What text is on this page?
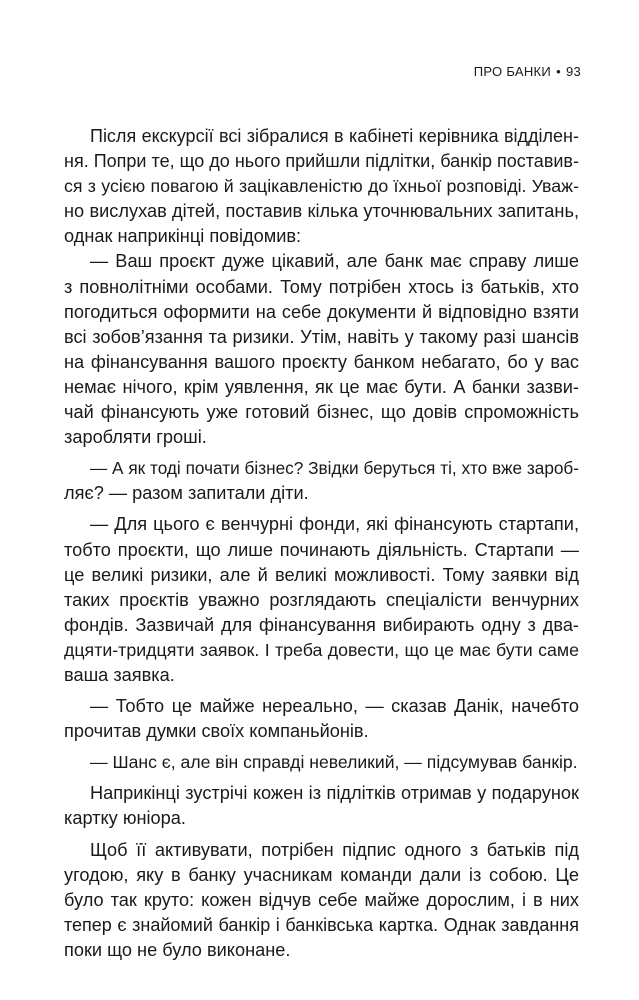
ПРО БАНКИ • 93
Після екскурсії всі зібралися в кабінеті керівника відділен-
ня. Попри те, що до нього прийшли підлітки, банкір поставив-
ся з усією повагою й зацікавленістю до їхньої розповіді. Уваж-
но вислухав дітей, поставив кілька уточнювальних запитань,
однак наприкінці повідомив:
— Ваш проєкт дуже цікавий, але банк має справу лише
з повнолітніми особами. Тому потрібен хтось із батьків, хто
погодиться оформити на себе документи й відповідно взяти
всі зобов’язання та ризики. Утім, навіть у такому разі шансів
на фінансування вашого проєкту банком небагато, бо у вас
немає нічого, крім уявлення, як це має бути. А банки зазви-
чай фінансують уже готовий бізнес, що довів спроможність
заробляти гроші.
— А як тоді почати бізнес? Звідки беруться ті, хто вже зароб-
ляє? — разом запитали діти.
— Для цього є венчурні фонди, які фінансують стартапи,
тобто проєкти, що лише починають діяльність. Стартапи —
це великі ризики, але й великі можливості. Тому заявки від
таких проєктів уважно розглядають спеціалісти венчурних
фондів. Зазвичай для фінансування вибирають одну з два-
дцяти-тридцяти заявок. І треба довести, що це має бути саме
ваша заявка.
— Тобто це майже нереально, — сказав Данік, начебто
прочитав думки своїх компаньйонів.
— Шанс є, але він справді невеликий, — підсумував банкір.
Наприкінці зустрічі кожен із підлітків отримав у подарунок
картку юніора.
Щоб її активувати, потрібен підпис одного з батьків під
угодою, яку в банку учасникам команди дали із собою. Це
було так круто: кожен відчув себе майже дорослим, і в них
тепер є знайомий банкір і банківська картка. Однак завдання
поки що не було виконане.
